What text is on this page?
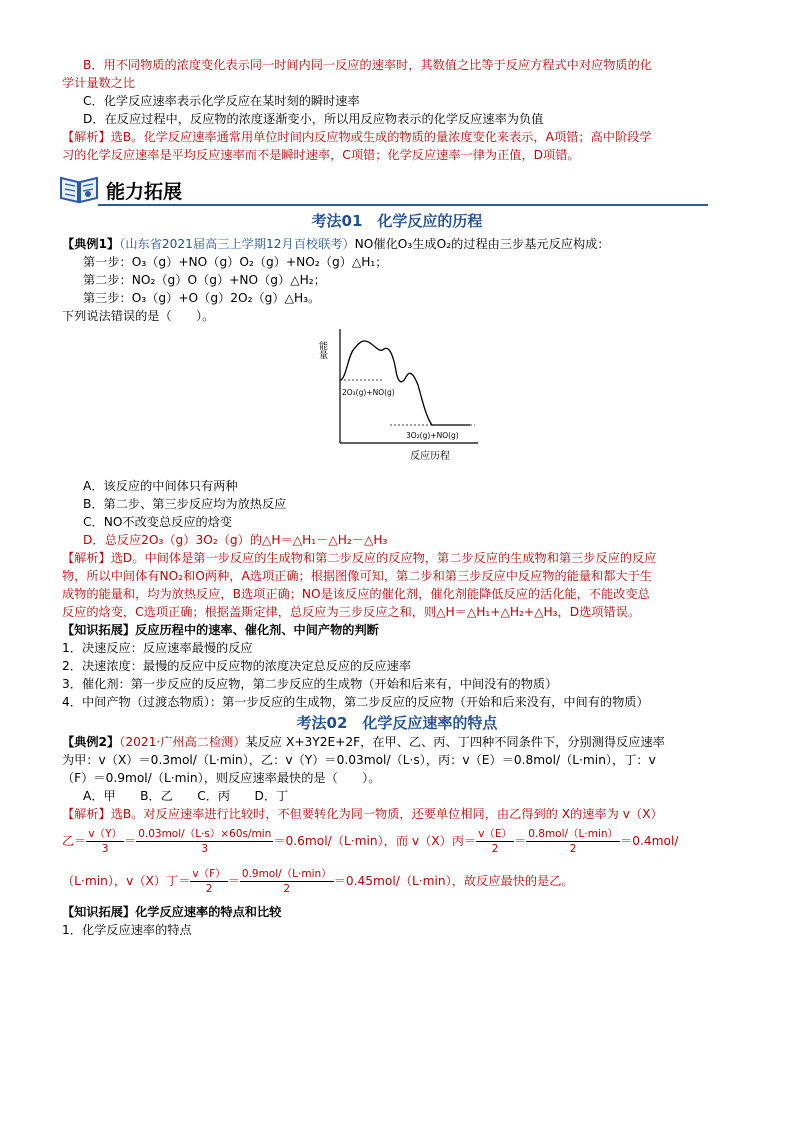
B．用不同物质的浓度变化表示同一时间内同一反应的速率时，其数值之比等于反应方程式中对应物质的化
学计量数之比
C．化学反应速率表示化学反应在某时刻的瞬时速率
D．在反应过程中，反应物的浓度逐渐变小，所以用反应物表示的化学反应速率为负值
【解析】选B。化学反应速率通常用单位时间内反应物或生成的物质的量浓度变化来表示，A项错；高中阶段学
习的化学反应速率是平均反应速率而不是瞬时速率，C项错；化学反应速率一律为正值，D项错。
能力拓展
考法01　化学反应的历程
【典例1】（山东省2021届高三上学期12月百校联考）NO催化O₃生成O₂的过程由三步基元反应构成：
第一步：O₃（g）+NO（g）O₂（g）+NO₂（g）△H₁；
第二步：NO₂（g）O（g）+NO（g）△H₂；
第三步：O₃（g）+O（g）2O₂（g）△H₃。
下列说法错误的是（　　）。
能量
2O₃(g)+NO(g)
3O₂(g)+NO(g)
反应历程
A．该反应的中间体只有两种
B．第二步、第三步反应均为放热反应
C．NO不改变总反应的焓变
D．总反应2O₃（g）3O₂（g）的△H＝△H₁－△H₂－△H₃
【解析】选D。中间体是第一步反应的生成物和第二步反应的反应物，第二步反应的生成物和第三步反应的反应
物，所以中间体有NO₂和O两种，A选项正确；根据图像可知，第二步和第三步反应中反应物的能量和都大于生
成物的能量和，均为放热反应，B选项正确；NO是该反应的催化剂，催化剂能降低反应的活化能，不能改变总
反应的焓变，C选项正确；根据盖斯定律，总反应为三步反应之和，则△H＝△H₁+△H₂+△H₃，D选项错误。
【知识拓展】反应历程中的速率、催化剂、中间产物的判断
1．决速反应：反应速率最慢的反应
2．决速浓度：最慢的反应中反应物的浓度决定总反应的反应速率
3．催化剂：第一步反应的反应物，第二步反应的生成物（开始和后来有，中间没有的物质）
4．中间产物（过渡态物质）：第一步反应的生成物，第二步反应的反应物（开始和后来没有，中间有的物质）
考法02　化学反应速率的特点
【典例2】（2021·广州高二检测）某反应 X+3Y2E+2F，在甲、乙、丙、丁四种不同条件下，分别测得反应速率
为甲：v（X）＝0.3mol/（L·min），乙：v（Y）＝0.03mol/（L·s），丙：v（E）＝0.8mol/（L·min），丁：v
（F）＝0.9mol/（L·min），则反应速率最快的是（　　）。
A．甲　　B．乙　　C．丙　　D．丁
【解析】选B。对反应速率进行比较时，不但要转化为同一物质，还要单位相同，由乙得到的 X的速率为 v（X）
乙＝ $\frac{v(Y)}{3} = \frac{\text{0.03mol/（L·s）×60s/min}}{3} =0.6mol/(L\cdot\min)$，而 v（X）丙＝ $\frac{v(E)}{2} = \frac{\text{0.8mol/（L·min）}}{2} =0.4mol/$
（L·min），v（X）丁＝ $\frac{v(F)}{2} = \frac{\text{0.9mol/（L·min）}}{2} =0.45mol/(L\cdot\min)$，故反应最快的是乙。
【知识拓展】化学反应速率的特点和比较
1．化学反应速率的特点
